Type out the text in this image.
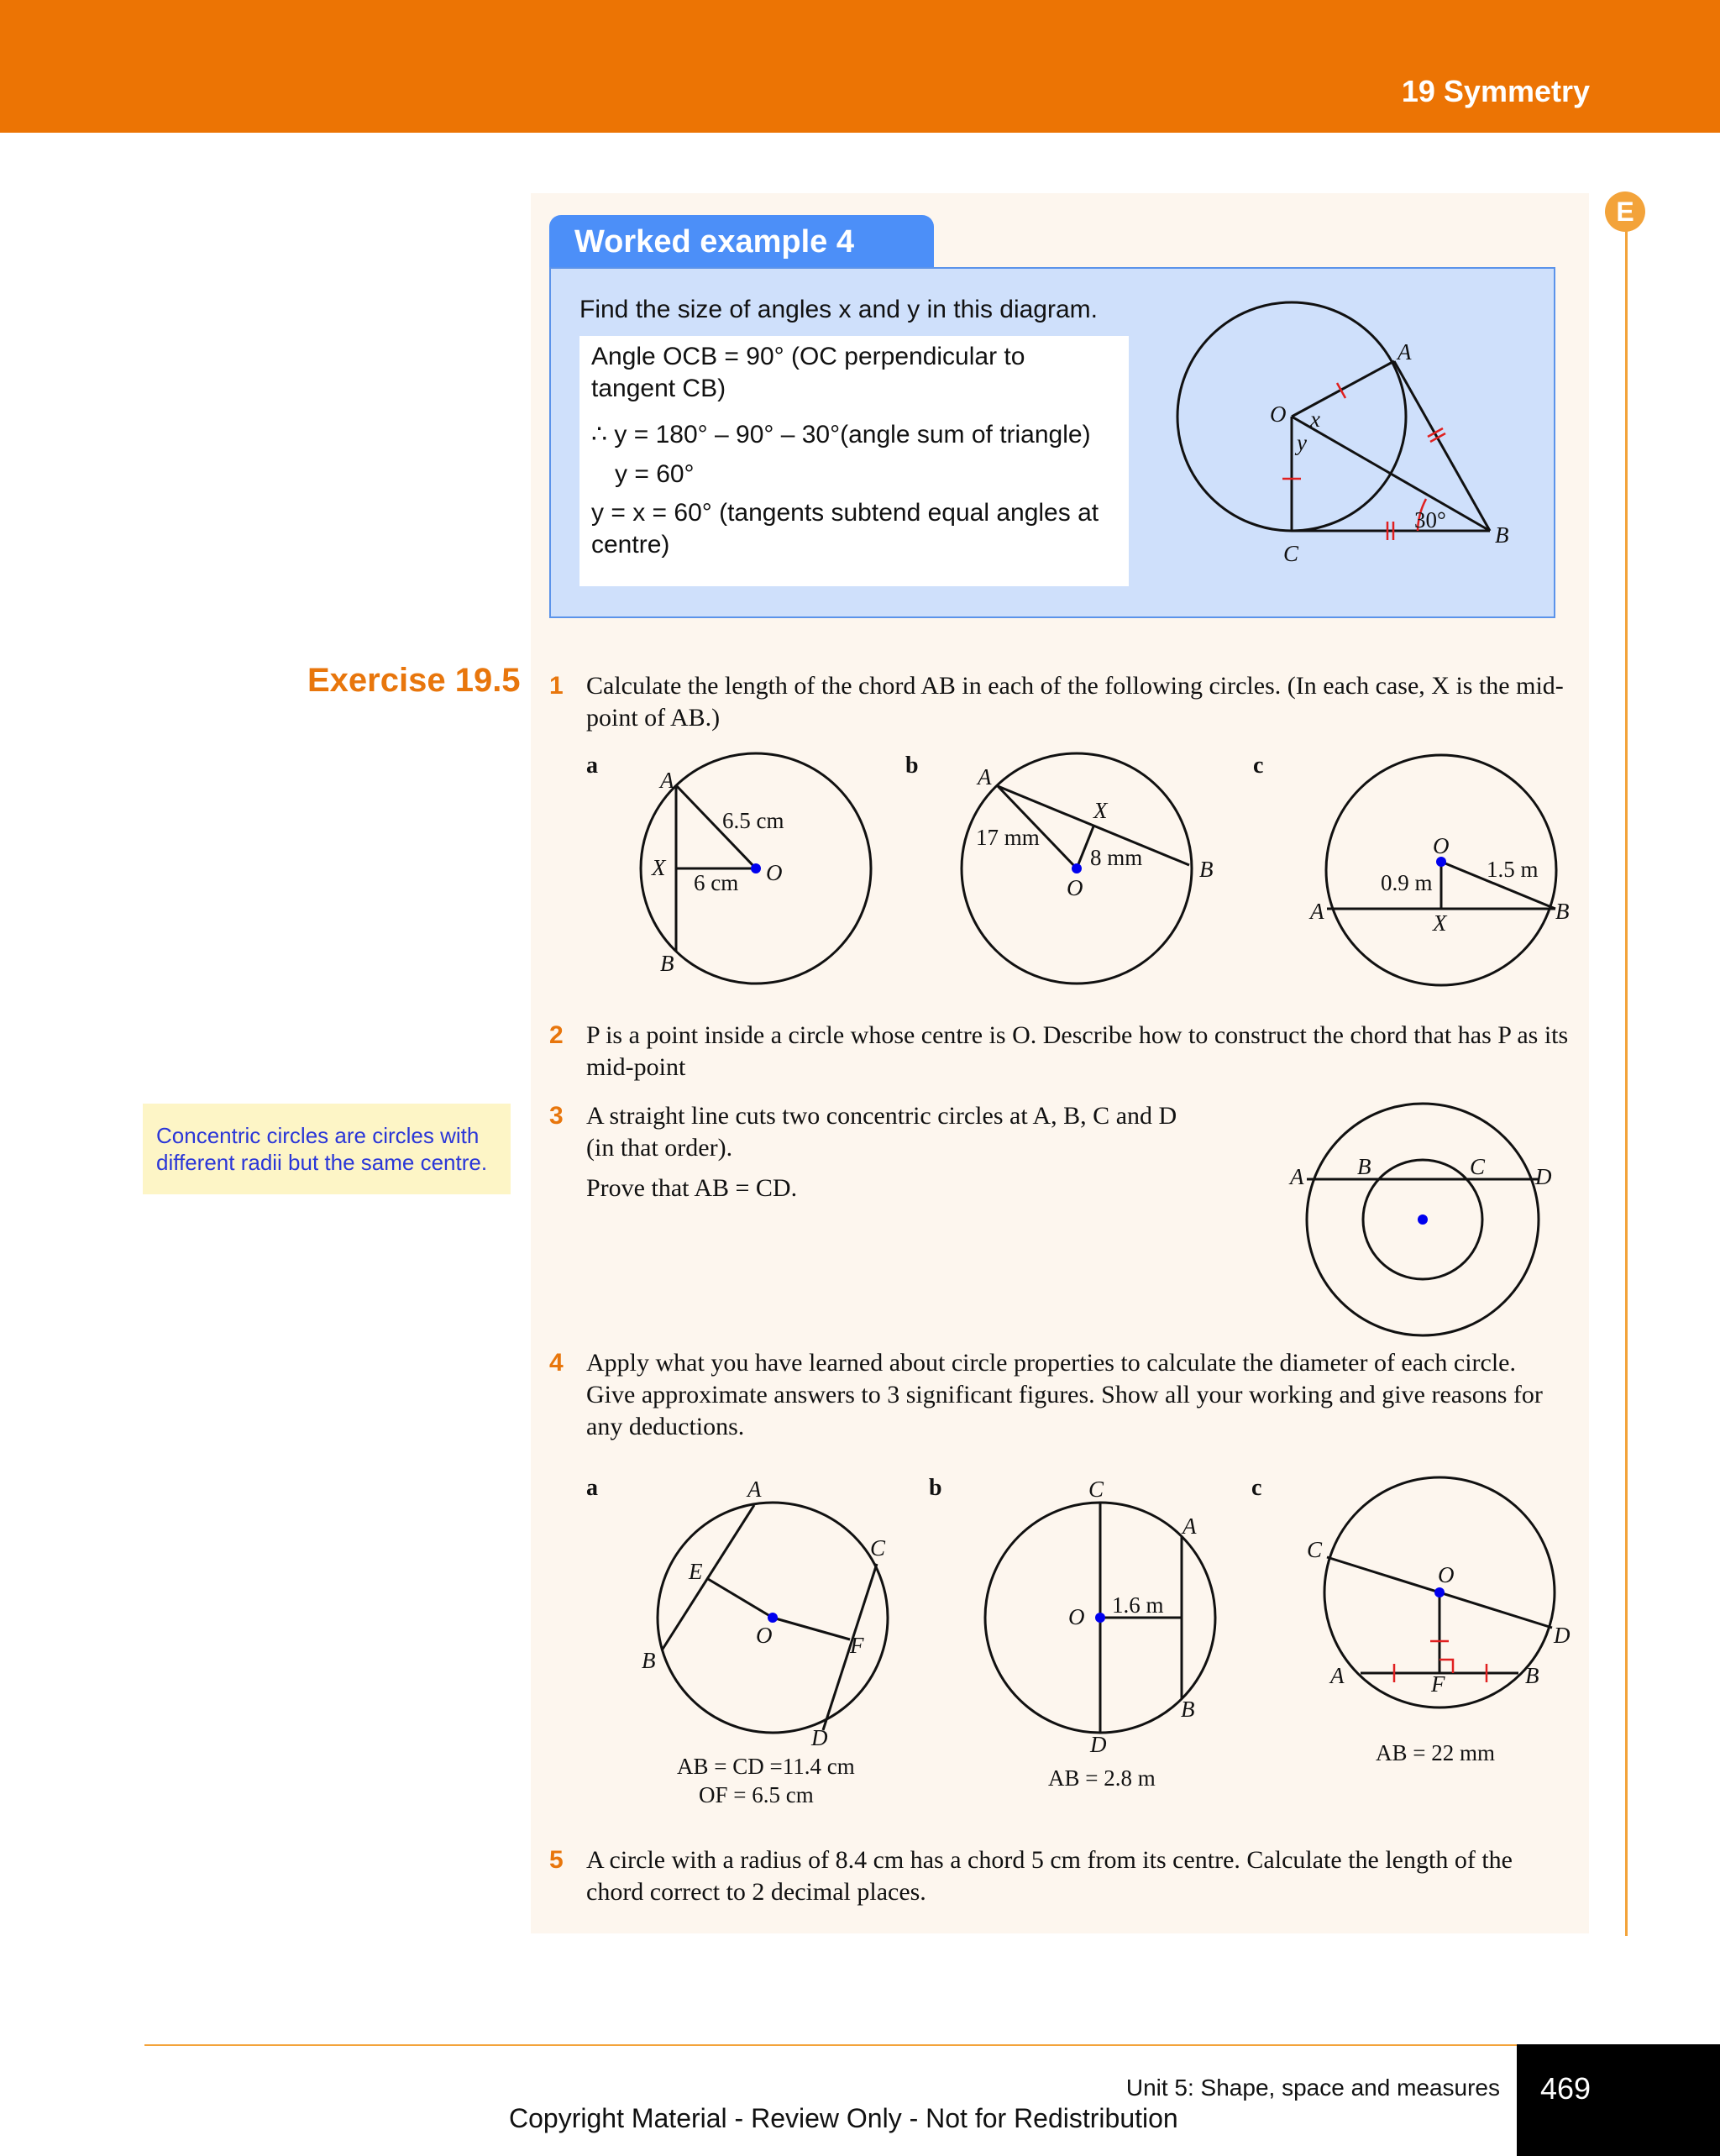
19 Symmetry
E
Worked example 4
Find the size of angles x and y in this diagram.
Angle OCB = 90° (OC perpendicular to
tangent CB)
∴ y = 180° – 90° – 30°(angle sum of triangle)
y = 60°
y = x = 60° (tangents subtend equal angles at
centre)
Exercise 19.5 1 Calculate the length of the chord AB in each of the following circles. (In each case, X is the mid-point of AB.)
a	b	c
2 P is a point inside a circle whose centre is O. Describe how to construct the chord that has P as its mid-point
3 A straight line cuts two concentric circles at A, B, C and D
(in that order).
Prove that AB = CD.
Concentric circles are circles with different radii but the same centre.
4 Apply what you have learned about circle properties to calculate the diameter of each circle. Give approximate answers to 3 significant figures. Show all your working and give reasons for any deductions.
a	b	c
5 A circle with a radius of 8.4 cm has a chord 5 cm from its centre. Calculate the length of the chord correct to 2 decimal places.
A
O x
y
30°
B
C
A
6.5 cm
X
6 cm O
B
A
X
17 mm
8 mm	B
O
O
0.9 m
1.5 m
A	B
X
A B	C D
A
C
E
O	F
B
D
C
A
O 1.6 m
B
D
C
O
D
A	F	B
AB = CD =11.4 cm
OF = 6.5 cm
AB = 2.8 m
AB = 22 mm
Unit 5: Shape, space and measures	469
Copyright Material - Review Only - Not for Redistribution
